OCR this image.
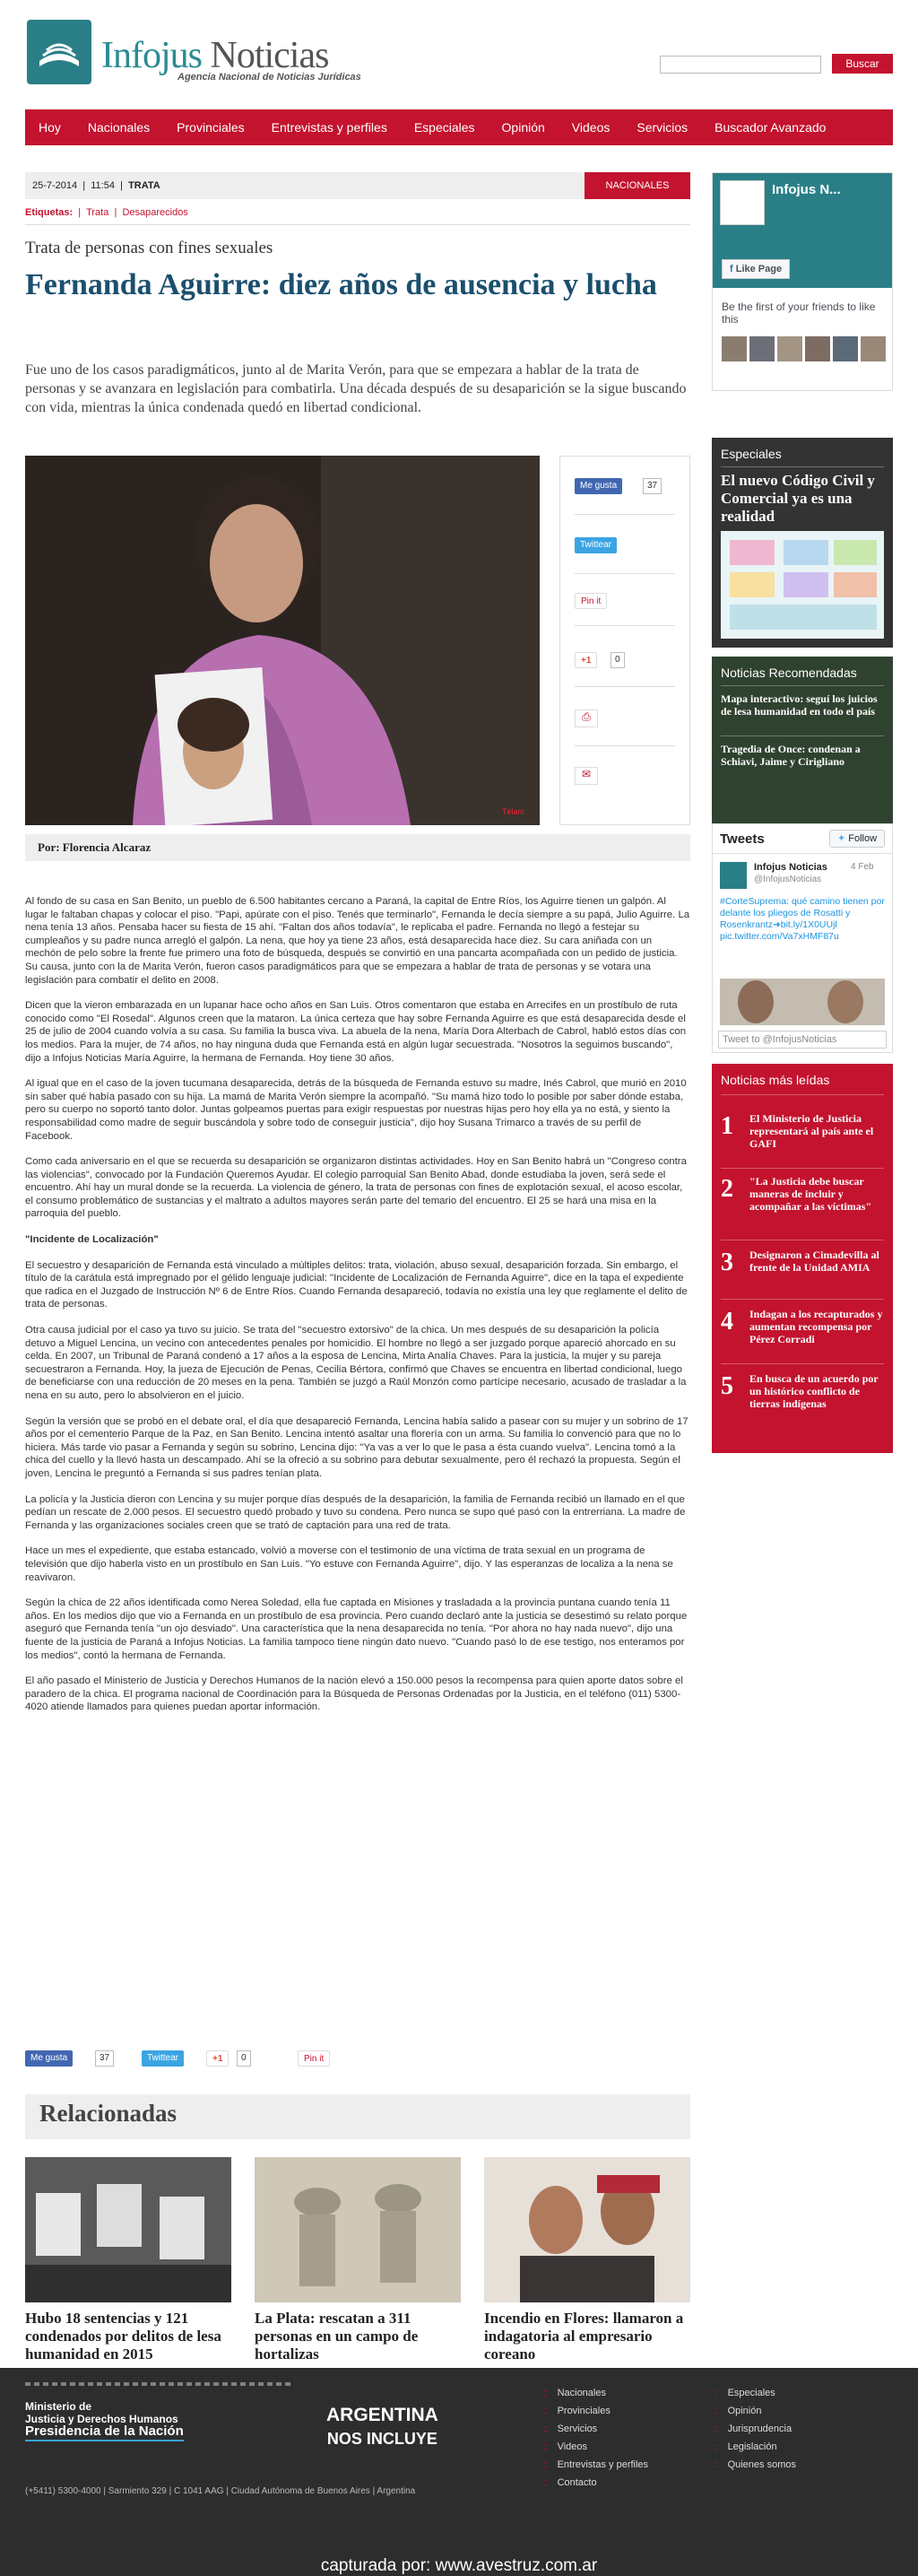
Infojus Noticias
Agencia Nacional de Noticias Jurídicas
Buscar
Hoy	Nacionales	Provinciales	Entrevistas y perfiles	Especiales	Opinión	Videos	Servicios	Buscador Avanzado
25-7-2014  |  11:54  |  TRATA	NACIONALES
Etiquetas:  |  Trata  |  Desaparecidos
Trata de personas con fines sexuales
Fernanda Aguirre: diez años de ausencia y lucha
Fue uno de los casos paradigmáticos, junto al de Marita Verón, para que se empezara a hablar de la trata de personas y se avanzara en legislación para combatirla. Una década después de su desaparición se la sigue buscando con vida, mientras la única condenada quedó en libertad condicional.
Télam
Me gusta	37
Twittear
Pin it
+1	0
⎙
✉
Por: Florencia Alcaraz

Al fondo de su casa en San Benito, un pueblo de 6.500 habitantes cercano a Paraná, la capital de Entre Ríos, los Aguirre tienen un galpón. Al lugar le faltaban chapas y colocar el piso. "Papi, apúrate con el piso. Tenés que terminarlo", Fernanda le decía siempre a su papá, Julio Aguirre. La nena tenía 13 años. Pensaba hacer su fiesta de 15 ahí. "Faltan dos años todavía", le replicaba el padre. Fernanda no llegó a festejar su cumpleaños y su padre nunca arregló el galpón. La nena, que hoy ya tiene 23 años, está desaparecida hace diez. Su cara aniñada con un mechón de pelo sobre la frente fue primero una foto de búsqueda, después se convirtió en una pancarta acompañada con un pedido de justicia. Su causa, junto con la de Marita Verón, fueron casos paradigmáticos para que se empezara a hablar de trata de personas y se votara una legislación para combatir el delito en 2008.

Dicen que la vieron embarazada en un lupanar hace ocho años en San Luis. Otros comentaron que estaba en Arrecifes en un prostíbulo de ruta conocido como "El Rosedal". Algunos creen que la mataron. La única certeza que hay sobre Fernanda Aguirre es que está desaparecida desde el 25 de julio de 2004 cuando volvía a su casa. Su familia la busca viva. La abuela de la nena, María Dora Alterbach de Cabrol, habló estos días con los medios. Para la mujer, de 74 años, no hay ninguna duda que Fernanda está en algún lugar secuestrada. "Nosotros la seguimos buscando", dijo a Infojus Noticias María Aguirre, la hermana de Fernanda. Hoy tiene 30 años.

Al igual que en el caso de la joven tucumana desaparecida, detrás de la búsqueda de Fernanda estuvo su madre, Inés Cabrol, que murió en 2010 sin saber qué había pasado con su hija. La mamá de Marita Verón siempre la acompañó. "Su mamá hizo todo lo posible por saber dónde estaba, pero su cuerpo no soportó tanto dolor. Juntas golpeamos puertas para exigir respuestas por nuestras hijas pero hoy ella ya no está, y siento la responsabilidad como madre de seguir buscándola y sobre todo de conseguir justicia", dijo hoy Susana Trimarco a través de su perfil de Facebook.

Como cada aniversario en el que se recuerda su desaparición se organizaron distintas actividades. Hoy en San Benito habrá un "Congreso contra las violencias", convocado por la Fundación Queremos Ayudar. El colegio parroquial San Benito Abad, donde estudiaba la joven, será sede el encuentro. Ahí hay un mural donde se la recuerda. La violencia de género, la trata de personas con fines de explotación sexual, el acoso escolar, el consumo problemático de sustancias y el maltrato a adultos mayores serán parte del temario del encuentro. El 25 se hará una misa en la parroquia del pueblo.

"Incidente de Localización"

El secuestro y desaparición de Fernanda está vinculado a múltiples delitos: trata, violación, abuso sexual, desaparición forzada. Sin embargo, el título de la carátula está impregnado por el gélido lenguaje judicial: "Incidente de Localización de Fernanda Aguirre", dice en la tapa el expediente que radica en el Juzgado de Instrucción Nº 6 de Entre Ríos. Cuando Fernanda desapareció, todavía no existía una ley que reglamente el delito de trata de personas.

Otra causa judicial por el caso ya tuvo su juicio. Se trata del "secuestro extorsivo" de la chica. Un mes después de su desaparición la policía detuvo a Miguel Lencina, un vecino con antecedentes penales por homicidio. El hombre no llegó a ser juzgado porque apareció ahorcado en su celda. En 2007, un Tribunal de Paraná condenó a 17 años a la esposa de Lencina, Mirta Analía Chaves. Para la justicia, la mujer y su pareja secuestraron a Fernanda. Hoy, la jueza de Ejecución de Penas, Cecilia Bértora, confirmó que Chaves se encuentra en libertad condicional, luego de beneficiarse con una reducción de 20 meses en la pena. También se juzgó a Raúl Monzón como partícipe necesario, acusado de trasladar a la nena en su auto, pero lo absolvieron en el juicio.

Según la versión que se probó en el debate oral, el día que desapareció Fernanda, Lencina había salido a pasear con su mujer y un sobrino de 17 años por el cementerio Parque de la Paz, en San Benito. Lencina intentó asaltar una florería con un arma. Su familia lo convenció para que no lo hiciera. Más tarde vio pasar a Fernanda y según su sobrino, Lencina dijo: "Ya vas a ver lo que le pasa a ésta cuando vuelva". Lencina tomó a la chica del cuello y la llevó hasta un descampado. Ahí se la ofreció a su sobrino para debutar sexualmente, pero él rechazó la propuesta. Según el joven, Lencina le preguntó a Fernanda si sus padres tenían plata.

La policía y la Justicia dieron con Lencina y su mujer porque días después de la desaparición, la familia de Fernanda recibió un llamado en el que pedían un rescate de 2.000 pesos. El secuestro quedó probado y tuvo su condena. Pero nunca se supo qué pasó con la entrerriana. La madre de Fernanda y las organizaciones sociales creen que se trató de captación para una red de trata.

Hace un mes el expediente, que estaba estancado, volvió a moverse con el testimonio de una víctima de trata sexual en un programa de televisión que dijo haberla visto en un prostíbulo en San Luis. "Yo estuve con Fernanda Aguirre", dijo. Y las esperanzas de localiza a la nena se reavivaron.

Según la chica de 22 años identificada como Nerea Soledad, ella fue captada en Misiones y trasladada a la provincia puntana cuando tenía 11 años. En los medios dijo que vio a Fernanda en un prostíbulo de esa provincia. Pero cuando declaró ante la justicia se desestimó su relato porque aseguró que Fernanda tenía "un ojo desviado". Una característica que la nena desaparecida no tenía. "Por ahora no hay nada nuevo", dijo una fuente de la justicia de Paraná a Infojus Noticias. La familia tampoco tiene ningún dato nuevo. "Cuando pasó lo de ese testigo, nos enteramos por los medios", contó la hermana de Fernanda.

El año pasado el Ministerio de Justicia y Derechos Humanos de la nación elevó a 150.000 pesos la recompensa para quien aporte datos sobre el paradero de la chica. El programa nacional de Coordinación para la Búsqueda de Personas Ordenadas por la Justicia, en el teléfono (011) 5300-4020 atiende llamados para quienes puedan aportar información.

Me gusta	37	Twittear	+1	0	Pin it
Relacionadas
Hubo 18 sentencias y 121 condenados por delitos de lesa humanidad en 2015
La Plata: rescatan a 311 personas en un campo de hortalizas
Incendio en Flores: llamaron a indagatoria al empresario coreano
Infojus N...
f Like Page
Be the first of your friends to like this
Especiales
El nuevo Código Civil y Comercial ya es una realidad
Noticias Recomendadas
Mapa interactivo: seguí los juicios de lesa humanidad en todo el país
Tragedia de Once: condenan a Schiavi, Jaime y Cirigliano
Tweets	✦ Follow
Infojus Noticias
@InfojusNoticias
4 Feb
#CorteSuprema: qué camino tienen por delante los pliegos de Rosatti y Rosenkrantz➜bit.ly/1X0UUjl pic.twitter.com/Va7xHMF87u
Tweet to @InfojusNoticias
Noticias más leídas
1 El Ministerio de Justicia representará al país ante el GAFI
2 "La Justicia debe buscar maneras de incluir y acompañar a las víctimas"
3 Designaron a Cimadevilla al frente de la Unidad AMIA
4 Indagan a los recapturados y aumentan recompensa por Pérez Corradi
5 En busca de un acuerdo por un histórico conflicto de tierras indígenas
Ministerio de
Justicia y Derechos Humanos
Presidencia de la Nación
ARGENTINA
NOS INCLUYE
(+5411) 5300-4000 | Sarmiento 329 | C 1041 AAG | Ciudad Autónoma de Buenos Aires | Argentina
:: Nacionales
:: Provinciales
:: Servicios
:: Videos
:: Entrevistas y perfiles
:: Contacto
:: Especiales
:: Opinión
:: Jurisprudencia
:: Legislación
:: Quienes somos
capturada por: www.avestruz.com.ar
